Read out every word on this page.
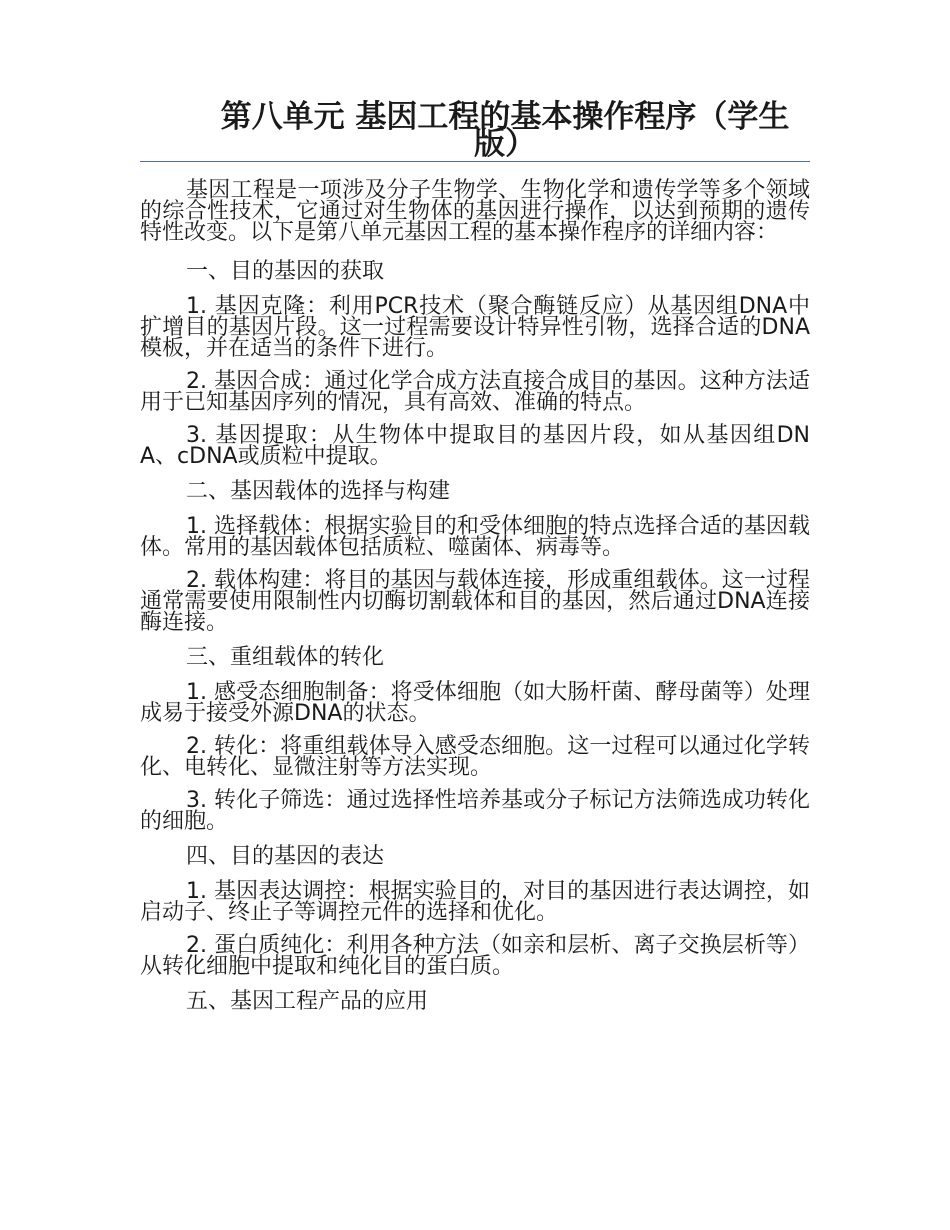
第八单元 基因工程的基本操作程序（学生版）

基因工程是一项涉及分子生物学、生物化学和遗传学等多个领域的综合性技术，它通过对生物体的基因进行操作，以达到预期的遗传特性改变。以下是第八单元基因工程的基本操作程序的详细内容：

一、目的基因的获取

1. 基因克隆：利用PCR技术（聚合酶链反应）从基因组DNA中扩增目的基因片段。这一过程需要设计特异性引物，选择合适的DNA模板，并在适当的条件下进行。

2. 基因合成：通过化学合成方法直接合成目的基因。这种方法适用于已知基因序列的情况，具有高效、准确的特点。

3. 基因提取：从生物体中提取目的基因片段，如从基因组DNA、cDNA或质粒中提取。

二、基因载体的选择与构建

1. 选择载体：根据实验目的和受体细胞的特点选择合适的基因载体。常用的基因载体包括质粒、噬菌体、病毒等。

2. 载体构建：将目的基因与载体连接，形成重组载体。这一过程通常需要使用限制性内切酶切割载体和目的基因，然后通过DNA连接酶连接。

三、重组载体的转化

1. 感受态细胞制备：将受体细胞（如大肠杆菌、酵母菌等）处理成易于接受外源DNA的状态。

2. 转化：将重组载体导入感受态细胞。这一过程可以通过化学转化、电转化、显微注射等方法实现。

3. 转化子筛选：通过选择性培养基或分子标记方法筛选成功转化的细胞。

四、目的基因的表达

1. 基因表达调控：根据实验目的，对目的基因进行表达调控，如启动子、终止子等调控元件的选择和优化。

2. 蛋白质纯化：利用各种方法（如亲和层析、离子交换层析等）从转化细胞中提取和纯化目的蛋白质。

五、基因工程产品的应用
